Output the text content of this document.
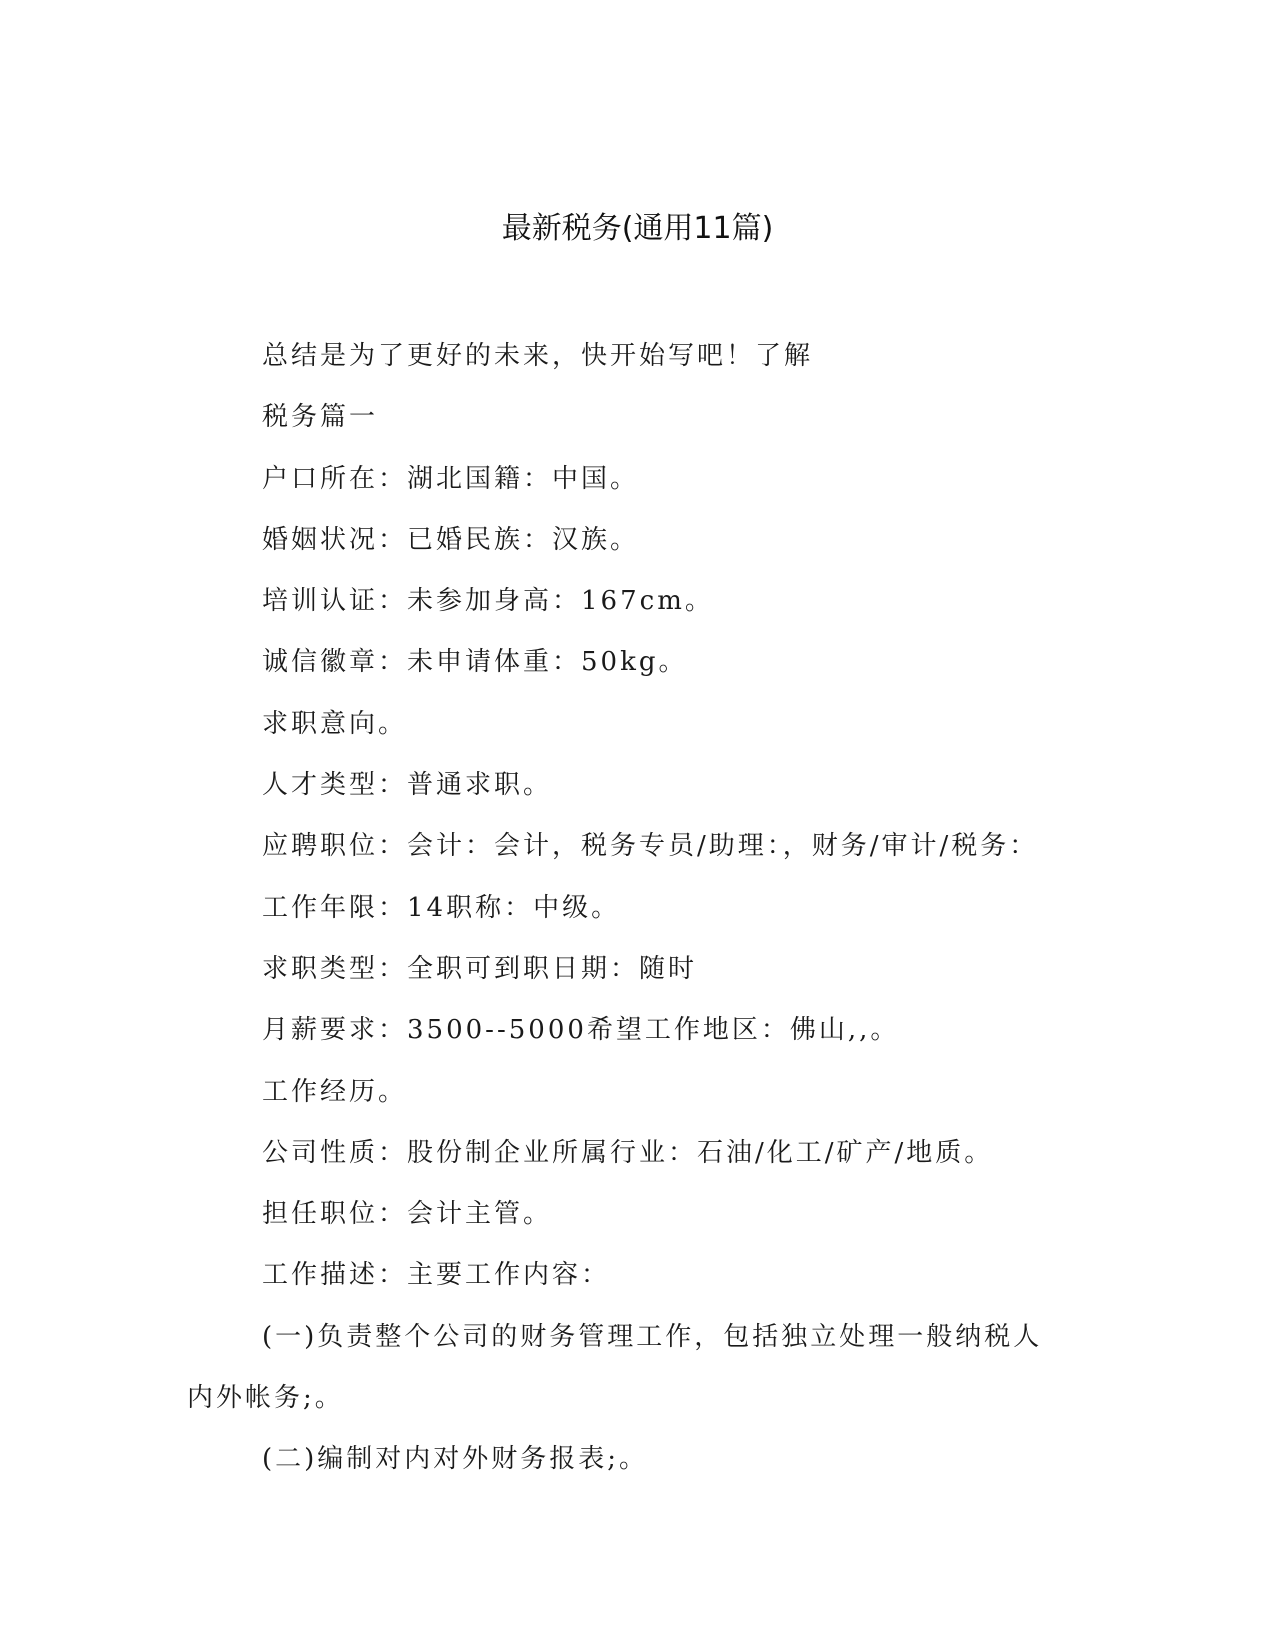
最新税务(通用11篇)

总结是为了更好的未来，快开始写吧！了解

税务篇一

户口所在：湖北国籍：中国。

婚姻状况：已婚民族：汉族。

培训认证：未参加身高：167cm。

诚信徽章：未申请体重：50kg。

求职意向。

人才类型：普通求职。

应聘职位：会计：会计，税务专员/助理：，财务/审计/税务：

工作年限：14职称：中级。

求职类型：全职可到职日期：随时

月薪要求：3500--5000希望工作地区：佛山,,。

工作经历。

公司性质：股份制企业所属行业：石油/化工/矿产/地质。

担任职位：会计主管。

工作描述：主要工作内容：

(一)负责整个公司的财务管理工作，包括独立处理一般纳税人内外帐务;。

(二)编制对内对外财务报表;。
